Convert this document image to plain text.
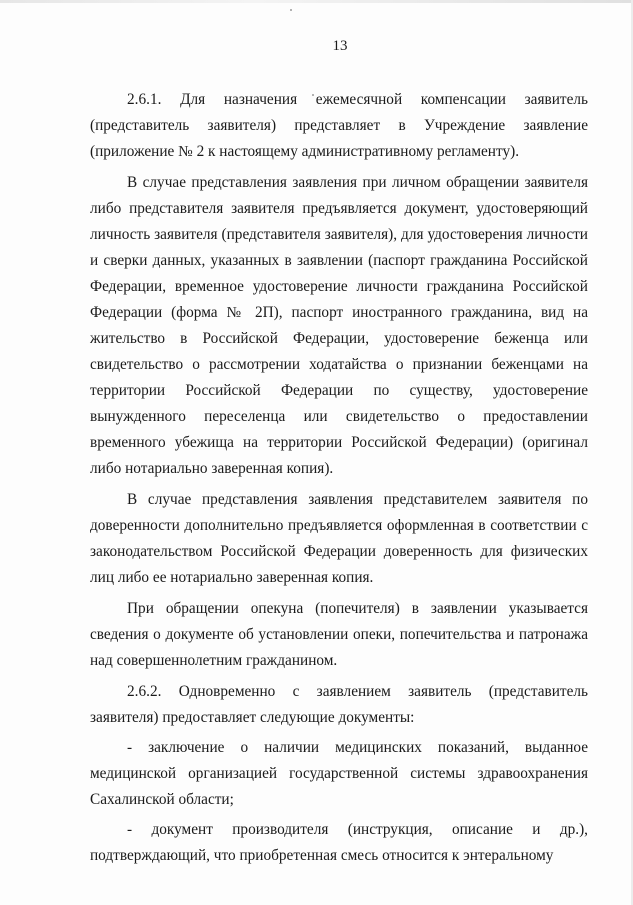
13

2.6.1. Для назначения ежемесячной компенсации заявитель (представитель заявителя) представляет в Учреждение заявление (приложение № 2 к настоящему административному регламенту).

В случае представления заявления при личном обращении заявителя либо представителя заявителя предъявляется документ, удостоверяющий личность заявителя (представителя заявителя), для удостоверения личности и сверки данных, указанных в заявлении (паспорт гражданина Российской Федерации, временное удостоверение личности гражданина Российской Федерации (форма № 2П), паспорт иностранного гражданина, вид на жительство в Российской Федерации, удостоверение беженца или свидетельство о рассмотрении ходатайства о признании беженцами на территории Российской Федерации по существу, удостоверение вынужденного переселенца или свидетельство о предоставлении временного убежища на территории Российской Федерации) (оригинал либо нотариально заверенная копия).

В случае представления заявления представителем заявителя по доверенности дополнительно предъявляется оформленная в соответствии с законодательством Российской Федерации доверенность для физических лиц либо ее нотариально заверенная копия.

При обращении опекуна (попечителя) в заявлении указывается сведения о документе об установлении опеки, попечительства и патронажа над совершеннолетним гражданином.

2.6.2. Одновременно с заявлением заявитель (представитель заявителя) предоставляет следующие документы:

- заключение о наличии медицинских показаний, выданное медицинской организацией государственной системы здравоохранения Сахалинской области;

- документ производителя (инструкция, описание и др.), подтверждающий, что приобретенная смесь относится к энтеральному
